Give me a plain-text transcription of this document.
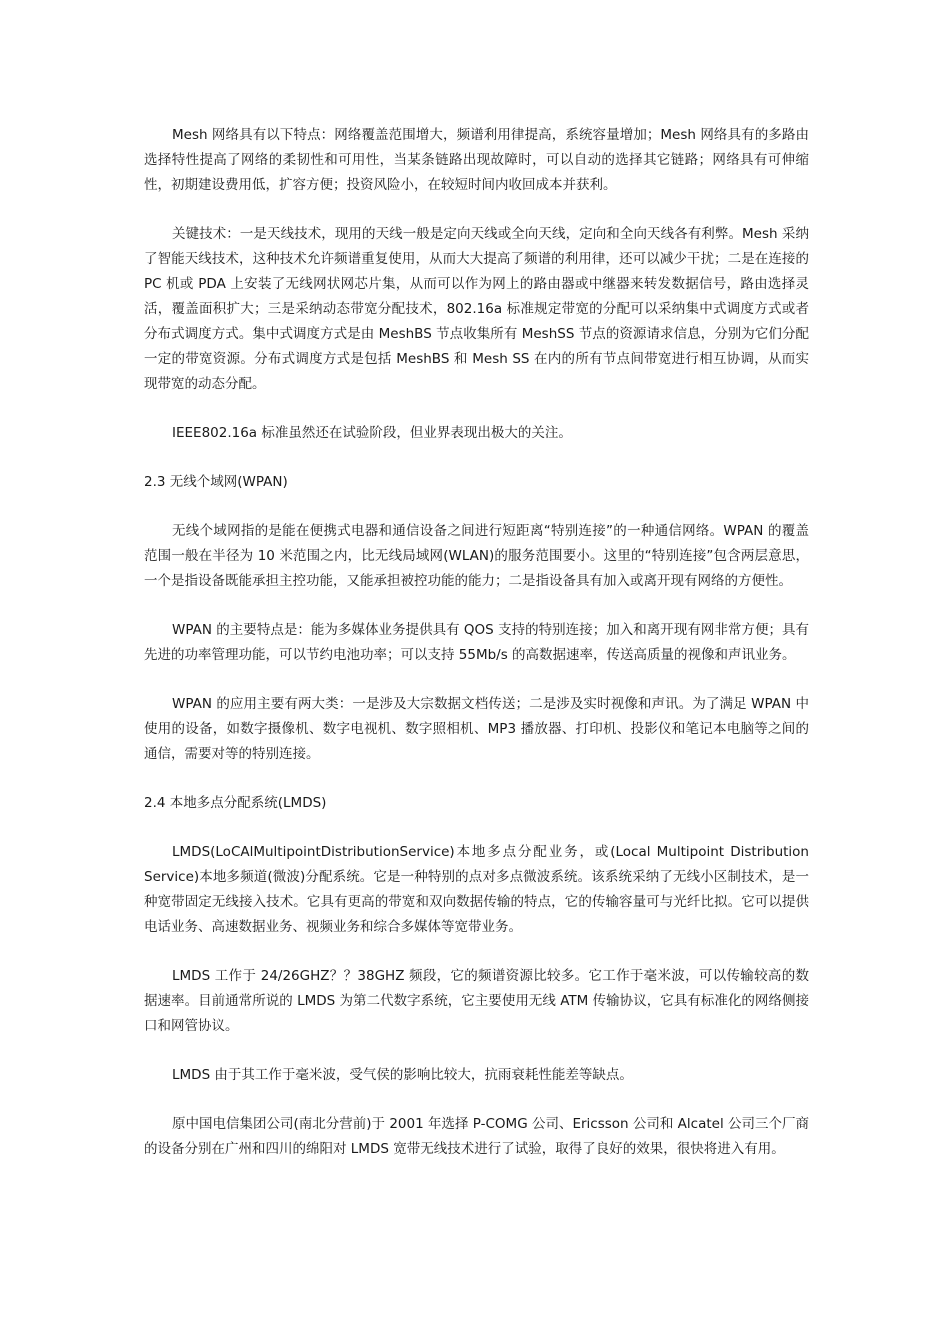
Mesh 网络具有以下特点：网络覆盖范围增大，频谱利用律提高，系统容量增加；Mesh 网络具有的多路由选择特性提高了网络的柔韧性和可用性，当某条链路出现故障时，可以自动的选择其它链路；网络具有可伸缩性，初期建设费用低，扩容方便；投资风险小，在较短时间内收回成本并获利。

关键技术：一是天线技术，现用的天线一般是定向天线或全向天线，定向和全向天线各有利弊。Mesh 采纳了智能天线技术，这种技术允许频谱重复使用，从而大大提高了频谱的利用律，还可以减少干扰；二是在连接的 PC 机或 PDA 上安装了无线网状网芯片集，从而可以作为网上的路由器或中继器来转发数据信号，路由选择灵活，覆盖面积扩大；三是采纳动态带宽分配技术，802.16a 标准规定带宽的分配可以采纳集中式调度方式或者分布式调度方式。集中式调度方式是由 MeshBS 节点收集所有 MeshSS 节点的资源请求信息，分别为它们分配一定的带宽资源。分布式调度方式是包括 MeshBS 和 Mesh SS 在内的所有节点间带宽进行相互协调，从而实现带宽的动态分配。

IEEE802.16a 标准虽然还在试验阶段，但业界表现出极大的关注。

2.3 无线个域网(WPAN)

无线个域网指的是能在便携式电器和通信设备之间进行短距离“特别连接”的一种通信网络。WPAN 的覆盖范围一般在半径为 10 米范围之内，比无线局域网(WLAN)的服务范围要小。这里的“特别连接”包含两层意思，一个是指设备既能承担主控功能，又能承担被控功能的能力；二是指设备具有加入或离开现有网络的方便性。

WPAN 的主要特点是：能为多媒体业务提供具有 QOS 支持的特别连接；加入和离开现有网非常方便；具有先进的功率管理功能，可以节约电池功率；可以支持 55Mb/s 的高数据速率，传送高质量的视像和声讯业务。

WPAN 的应用主要有两大类：一是涉及大宗数据文档传送；二是涉及实时视像和声讯。为了满足 WPAN 中使用的设备，如数字摄像机、数字电视机、数字照相机、MP3 播放器、打印机、投影仪和笔记本电脑等之间的通信，需要对等的特别连接。

2.4 本地多点分配系统(LMDS)

LMDS(LoCAlMultipointDistributionService)本地多点分配业务，或(Local Multipoint Distribution Service)本地多频道(微波)分配系统。它是一种特别的点对多点微波系统。该系统采纳了无线小区制技术，是一种宽带固定无线接入技术。它具有更高的带宽和双向数据传输的特点，它的传输容量可与光纤比拟。它可以提供电话业务、高速数据业务、视频业务和综合多媒体等宽带业务。

LMDS 工作于 24/26GHZ？？38GHZ 频段，它的频谱资源比较多。它工作于毫米波，可以传输较高的数据速率。目前通常所说的 LMDS 为第二代数字系统，它主要使用无线 ATM 传输协议，它具有标准化的网络侧接口和网管协议。

LMDS 由于其工作于毫米波，受气侯的影响比较大，抗雨衰耗性能差等缺点。

原中国电信集团公司(南北分营前)于 2001 年选择 P-COMG 公司、Ericsson 公司和 Alcatel 公司三个厂商的设备分别在广州和四川的绵阳对 LMDS 宽带无线技术进行了试验，取得了良好的效果，很快将进入有用。
